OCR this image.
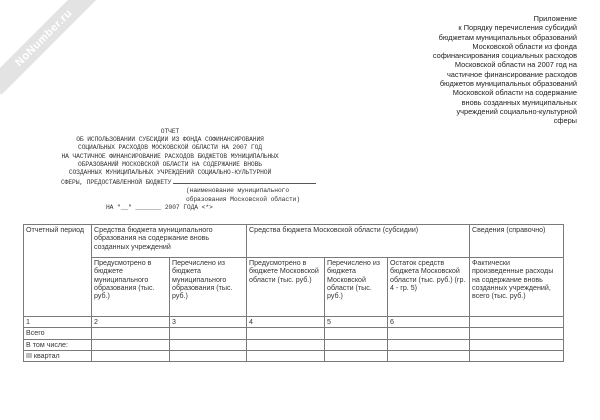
NoNumber.ru	Приложение
к Порядку перечисления субсидий
бюджетам муниципальных образований
Московской области из фонда
софинансирования социальных расходов
Московской области на 2007 год на
частичное финансирование расходов
бюджетов муниципальных образований
Московской области на содержание
вновь созданных муниципальных
учреждений социально-культурной
сферы
ОТЧЕТ
ОБ ИСПОЛЬЗОВАНИИ СУБСИДИИ ИЗ ФОНДА СОФИНАНСИРОВАНИЯ
СОЦИАЛЬНЫХ РАСХОДОВ МОСКОВСКОЙ ОБЛАСТИ НА 2007 ГОД
НА ЧАСТИЧНОЕ ФИНАНСИРОВАНИЕ РАСХОДОВ БЮДЖЕТОВ МУНИЦИПАЛЬНЫХ
ОБРАЗОВАНИЙ МОСКОВСКОЙ ОБЛАСТИ НА СОДЕРЖАНИЕ ВНОВЬ
СОЗДАННЫХ МУНИЦИПАЛЬНЫХ УЧРЕЖДЕНИЙ СОЦИАЛЬНО-КУЛЬТУРНОЙ
СФЕРЫ, ПРЕДОСТАВЛЕННОЙ БЮДЖЕТУ
(наименование муниципального
образования Московской области)
НА "__" _______ 2007 ГОДА <*>
Отчетный период	Средства бюджета муниципального образования на содержание вновь созданных учреждений		Средства бюджета Московской области (субсидии)			Сведения (справочно)
	Предусмотрено в бюджете муниципального образования (тыс. руб.)	Перечислено из бюджета муниципального образования (тыс. руб.)	Предусмотрено в бюджете Московской области (тыс. руб.)	Перечислено из бюджета Московской области (тыс. руб.)	Остаток средств бюджета Московской области (тыс. руб.) (гр. 4 - гр. 5)	Фактически произведенные расходы на содержание вновь созданных учреждений, всего (тыс. руб.)
1	2	3	4	5	6	
Всего						
В том числе:						
III квартал						
